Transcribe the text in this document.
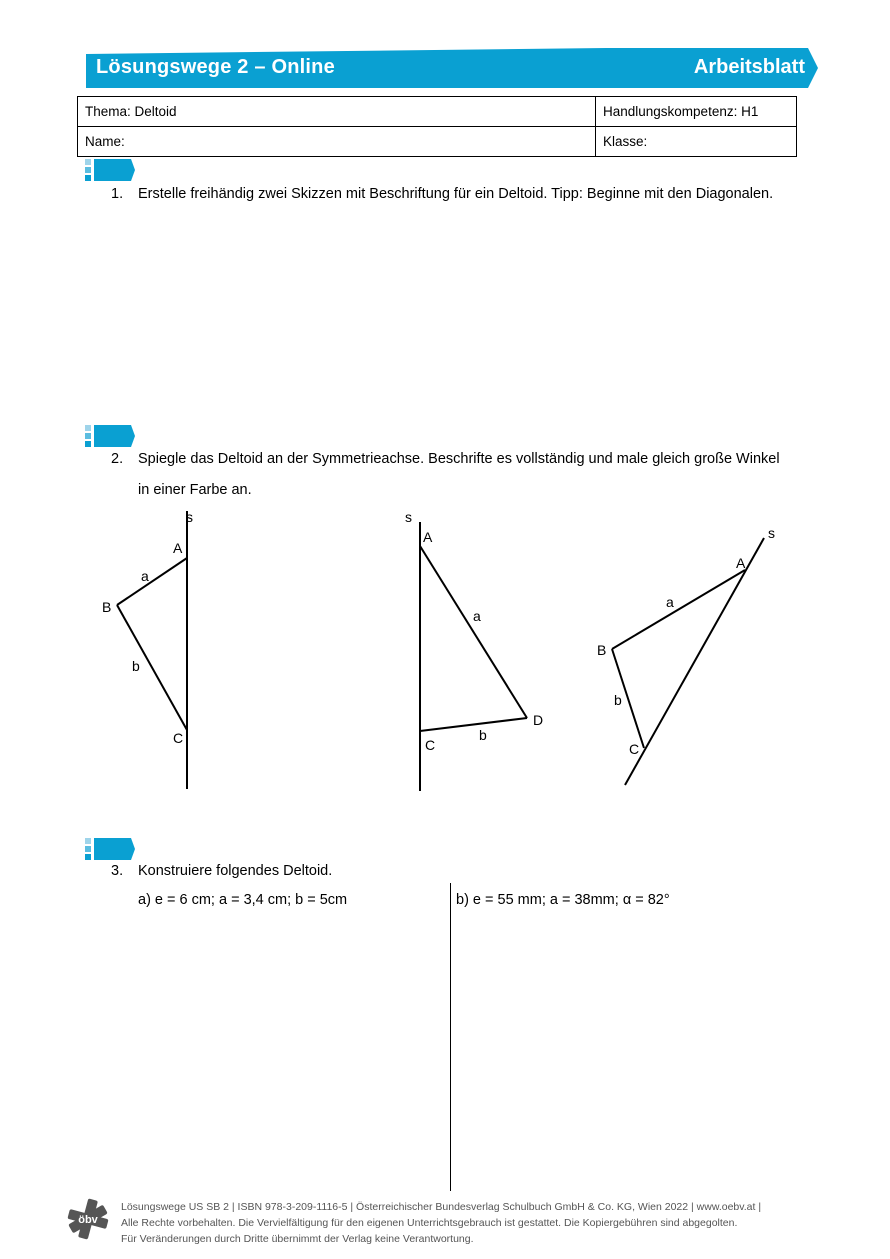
Lösungswege 2 – Online	Arbeitsblatt
Thema: Deltoid	Handlungskompetenz: H1
Name:	Klasse:
1. Erstelle freihändig zwei Skizzen mit Beschriftung für ein Deltoid. Tipp: Beginne mit den Diagonalen.
2. Spiegle das Deltoid an der Symmetrieachse. Beschrifte es vollständig und male gleich große Winkel
in einer Farbe an.
s
A
B
C
a
b
s
A
C
D
a
b
s
A
B
C
a
b
3. Konstruiere folgendes Deltoid.
a) e = 6 cm; a = 3,4 cm; b = 5cm	b) e = 55 mm; a = 38mm; α = 82°
öbv
Lösungswege US SB 2 | ISBN 978-3-209-1116-5 | Österreichischer Bundesverlag Schulbuch GmbH & Co. KG, Wien 2022 | www.oebv.at |
Alle Rechte vorbehalten. Die Vervielfältigung für den eigenen Unterrichtsgebrauch ist gestattet. Die Kopiergebühren sind abgegolten.
Für Veränderungen durch Dritte übernimmt der Verlag keine Verantwortung.
